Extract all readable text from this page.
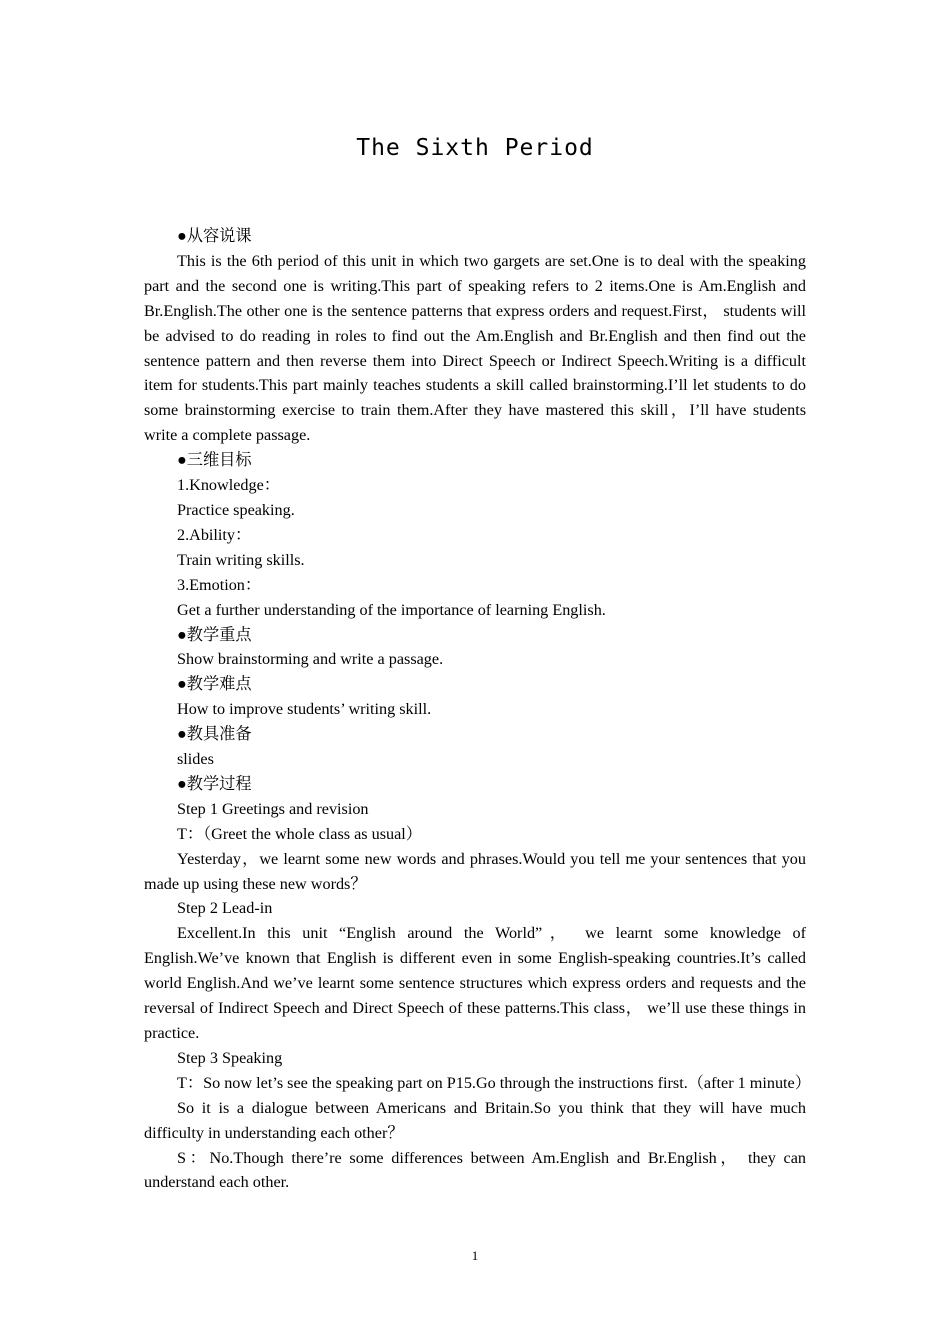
The Sixth Period

●从容说课

This is the 6th period of this unit in which two gargets are set.One is to deal with the speaking part and the second one is writing.This part of speaking refers to 2 items.One is Am.English and Br.English.The other one is the sentence patterns that express orders and request.First， students will be advised to do reading in roles to find out the Am.English and Br.English and then find out the sentence pattern and then reverse them into Direct Speech or Indirect Speech.Writing is a difficult item for students.This part mainly teaches students a skill called brainstorming.I’ll let students to do some brainstorming exercise to train them.After they have mastered this skill，I’ll have students write a complete passage.

●三维目标

1.Knowledge：

Practice speaking.

2.Ability：

Train writing skills.

3.Emotion：

Get a further understanding of the importance of learning English.

●教学重点

Show brainstorming and write a passage.

●教学难点

How to improve students’ writing skill.

●教具准备

slides

●教学过程

Step 1 Greetings and revision

T：（Greet the whole class as usual）

Yesterday，we learnt some new words and phrases.Would you tell me your sentences that you made up using these new words？

Step 2 Lead-in

Excellent.In this unit “English around the World”， we learnt some knowledge of English.We’ve known that English is different even in some English-speaking countries.It’s called world English.And we’ve learnt some sentence structures which express orders and requests and the reversal of Indirect Speech and Direct Speech of these patterns.This class， we’ll use these things in practice.

Step 3 Speaking

T：So now let’s see the speaking part on P15.Go through the instructions first.（after 1 minute）

So it is a dialogue between Americans and Britain.So you think that they will have much difficulty in understanding each other？

S：No.Though there’re some differences between Am.English and Br.English， they can understand each other.

1
